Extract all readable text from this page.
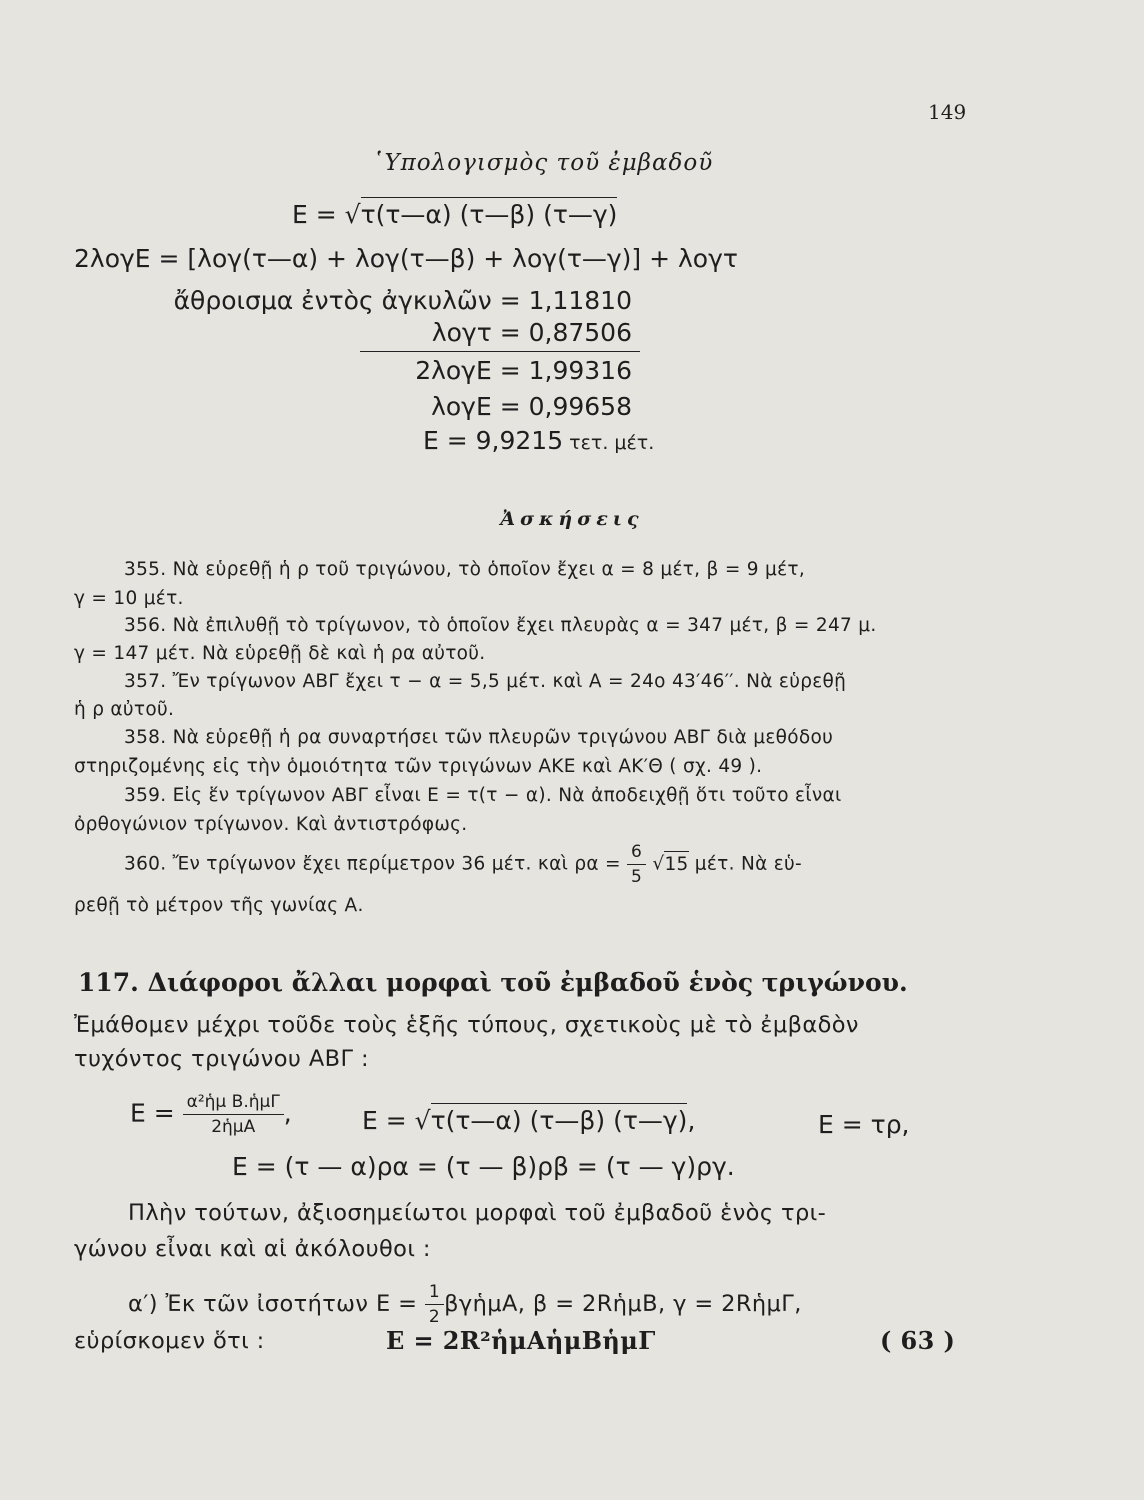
149
῾Υπολογισμὸς τοῦ ἐμβαδοῦ
Ε = √τ(τ—α) (τ—β) (τ—γ)
2λογΕ = [λογ(τ—α) + λογ(τ—β) + λογ(τ—γ)] + λογτ
ἄθροισμα ἐντὸς ἀγκυλῶν = 1,11810
λογτ = 0,87506
2λογΕ = 1,99316
λογΕ = 0,99658
Ε = 9,9215 τετ. μέτ.
Ἀσκήσεις
355. Νὰ εὑρεθῇ ἡ ρ τοῦ τριγώνου, τὸ ὁποῖον ἔχει α = 8 μέτ, β = 9 μέτ,
γ = 10 μέτ.
356. Νὰ ἐπιλυθῇ τὸ τρίγωνον, τὸ ὁποῖον ἔχει πλευρὰς α = 347 μέτ, β = 247 μ.
γ = 147 μέτ. Νὰ εὑρεθῇ δὲ καὶ ἡ ρα αὐτοῦ.
357. Ἔν τρίγωνον ΑΒΓ ἔχει τ − α = 5,5 μέτ. καὶ Α = 24ο 43′46′′. Νὰ εὑρεθῇ
ἡ ρ αὐτοῦ.
358. Νὰ εὑρεθῇ ἡ ρα συναρτήσει τῶν πλευρῶν τριγώνου ΑΒΓ διὰ μεθόδου
στηριζομένης εἰς τὴν ὁμοιότητα τῶν τριγώνων ΑΚΕ καὶ ΑΚ′Θ ( σχ. 49 ).
359. Εἰς ἕν τρίγωνον ΑΒΓ εἶναι Ε = τ(τ − α). Νὰ ἀποδειχθῇ ὅτι τοῦτο εἶναι
ὀρθογώνιον τρίγωνον. Καὶ ἀντιστρόφως.
360. Ἔν τρίγωνον ἔχει περίμετρον 36 μέτ. καὶ $\rho\alpha = \frac{6}{5} √15$ μέτ. Νὰ εὑ-
ρεθῇ τὸ μέτρον τῆς γωνίας Α.
117. Διάφοροι ἄλλαι μορφαὶ τοῦ ἐμβαδοῦ ἑνὸς τριγώνου.
Ἐμάθομεν μέχρι τοῦδε τοὺς ἑξῆς τύπους, σχετικοὺς μὲ τὸ ἐμβαδὸν
τυχόντος τριγώνου ΑΒΓ :
$E = \frac{\text{α²ἡμ Β.ἡμΓ}}{\text{2ἡμΑ}}$ ,	Ε = √τ(τ—α) (τ—β) (τ—γ),	Ε = τρ,
Ε = (τ — α)ρα = (τ — β)ρβ = (τ — γ)ργ.
Πλὴν τούτων, ἀξιοσημείωτοι μορφαὶ τοῦ ἐμβαδοῦ ἑνὸς τρι-
γώνου εἶναι καὶ αἱ ἀκόλουθοι :
α′) Ἐκ τῶν ἰσοτήτων $E = \frac{1}{2}$ βγἡμΑ, β = 2RἡμΒ, γ = 2RἡμΓ,
εὑρίσκομεν ὅτι :	Ε = 2R²ἡμΑἡμΒἡμΓ	( 63 )
